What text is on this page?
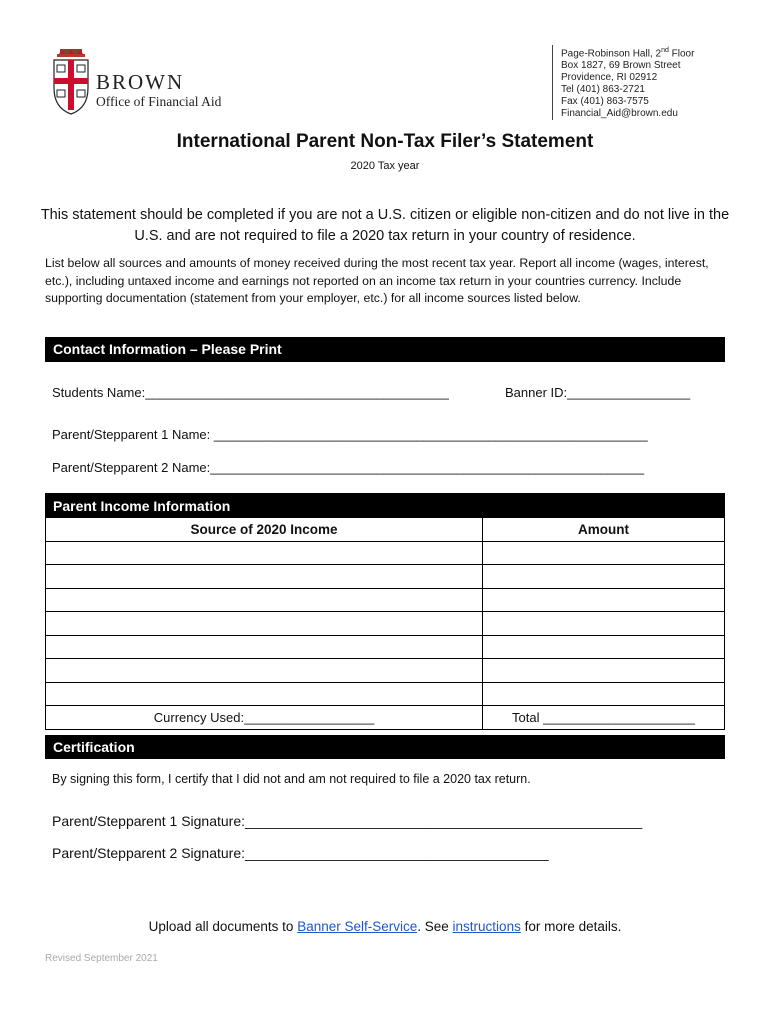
BROWN
Office of Financial Aid
Page-Robinson Hall, 2nd Floor
Box 1827, 69 Brown Street
Providence, RI 02912
Tel (401) 863-2721
Fax (401) 863-7575
Financial_Aid@brown.edu
International Parent Non-Tax Filer’s Statement
2020 Tax year
This statement should be completed if you are not a U.S. citizen or eligible non-citizen and do not live in the U.S. and are not required to file a 2020 tax return in your country of residence.
List below all sources and amounts of money received during the most recent tax year. Report all income (wages, interest, etc.), including untaxed income and earnings not reported on an income tax return in your countries currency. Include supporting documentation (statement from your employer, etc.) for all income sources listed below.
Contact Information – Please Print
Students Name:__________________________________________	Banner ID:_________________
Parent/Stepparent 1 Name: ____________________________________________________________
Parent/Stepparent 2 Name:____________________________________________________________
Parent Income Information
Source of 2020 Income	Amount

Currency Used:__________________	Total _____________________
Certification
By signing this form, I certify that I did not and am not required to file a 2020 tax return.
Parent/Stepparent 1 Signature:___________________________________________________
Parent/Stepparent 2 Signature:_______________________________________
Upload all documents to Banner Self-Service. See instructions for more details.
Revised September 2021
